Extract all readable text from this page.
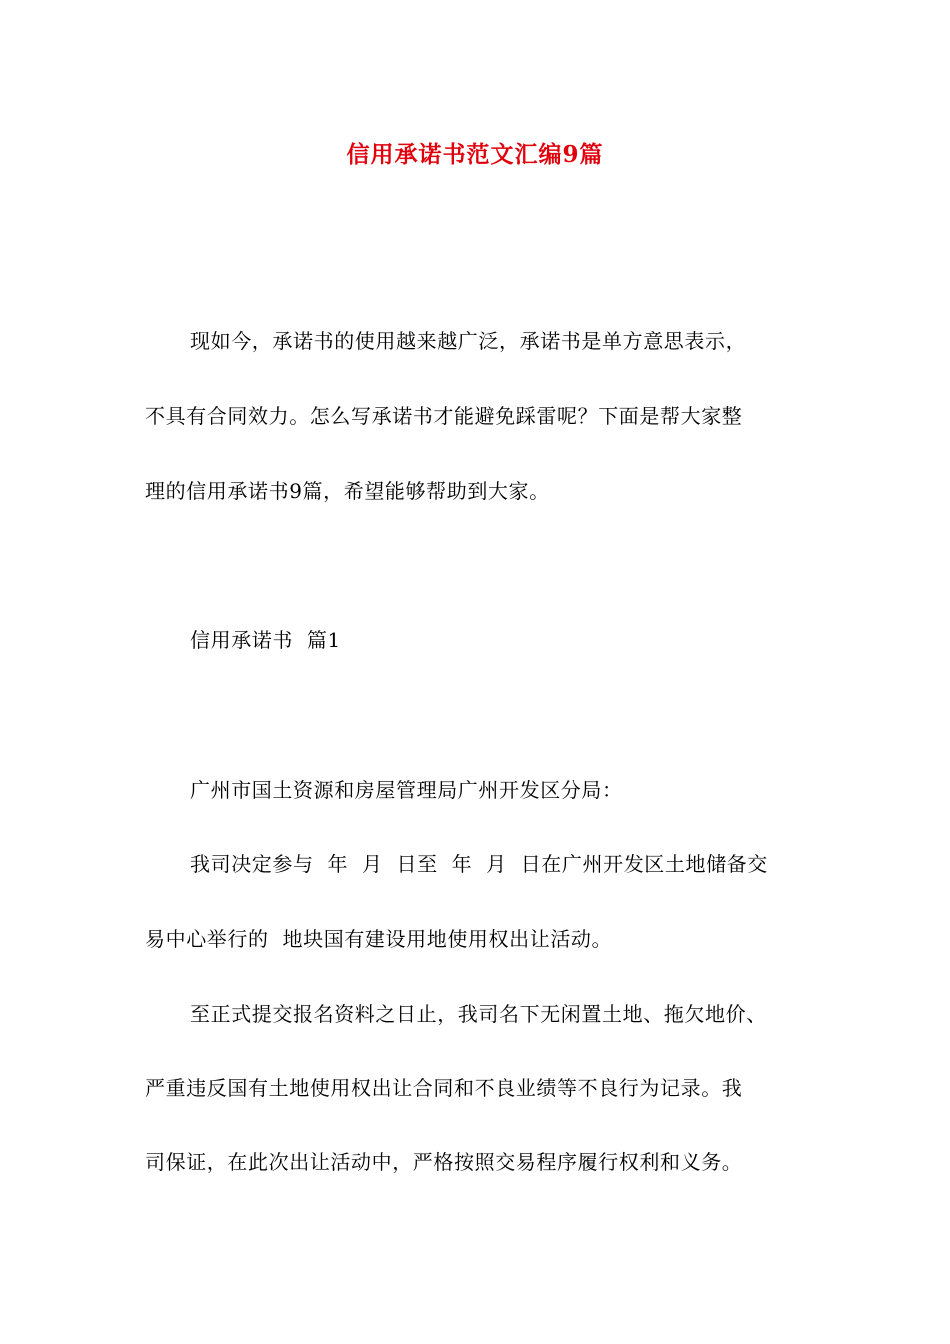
信用承诺书范文汇编9篇
现如今，承诺书的使用越来越广泛，承诺书是单方意思表示，
不具有合同效力。怎么写承诺书才能避免踩雷呢？下面是帮大家整
理的信用承诺书9篇，希望能够帮助到大家。
信用承诺书  篇1
广州市国土资源和房屋管理局广州开发区分局：
我司决定参与  年  月  日至  年  月  日在广州开发区土地储备交
易中心举行的  地块国有建设用地使用权出让活动。
至正式提交报名资料之日止，我司名下无闲置土地、拖欠地价、
严重违反国有土地使用权出让合同和不良业绩等不良行为记录。我
司保证，在此次出让活动中，严格按照交易程序履行权利和义务。
